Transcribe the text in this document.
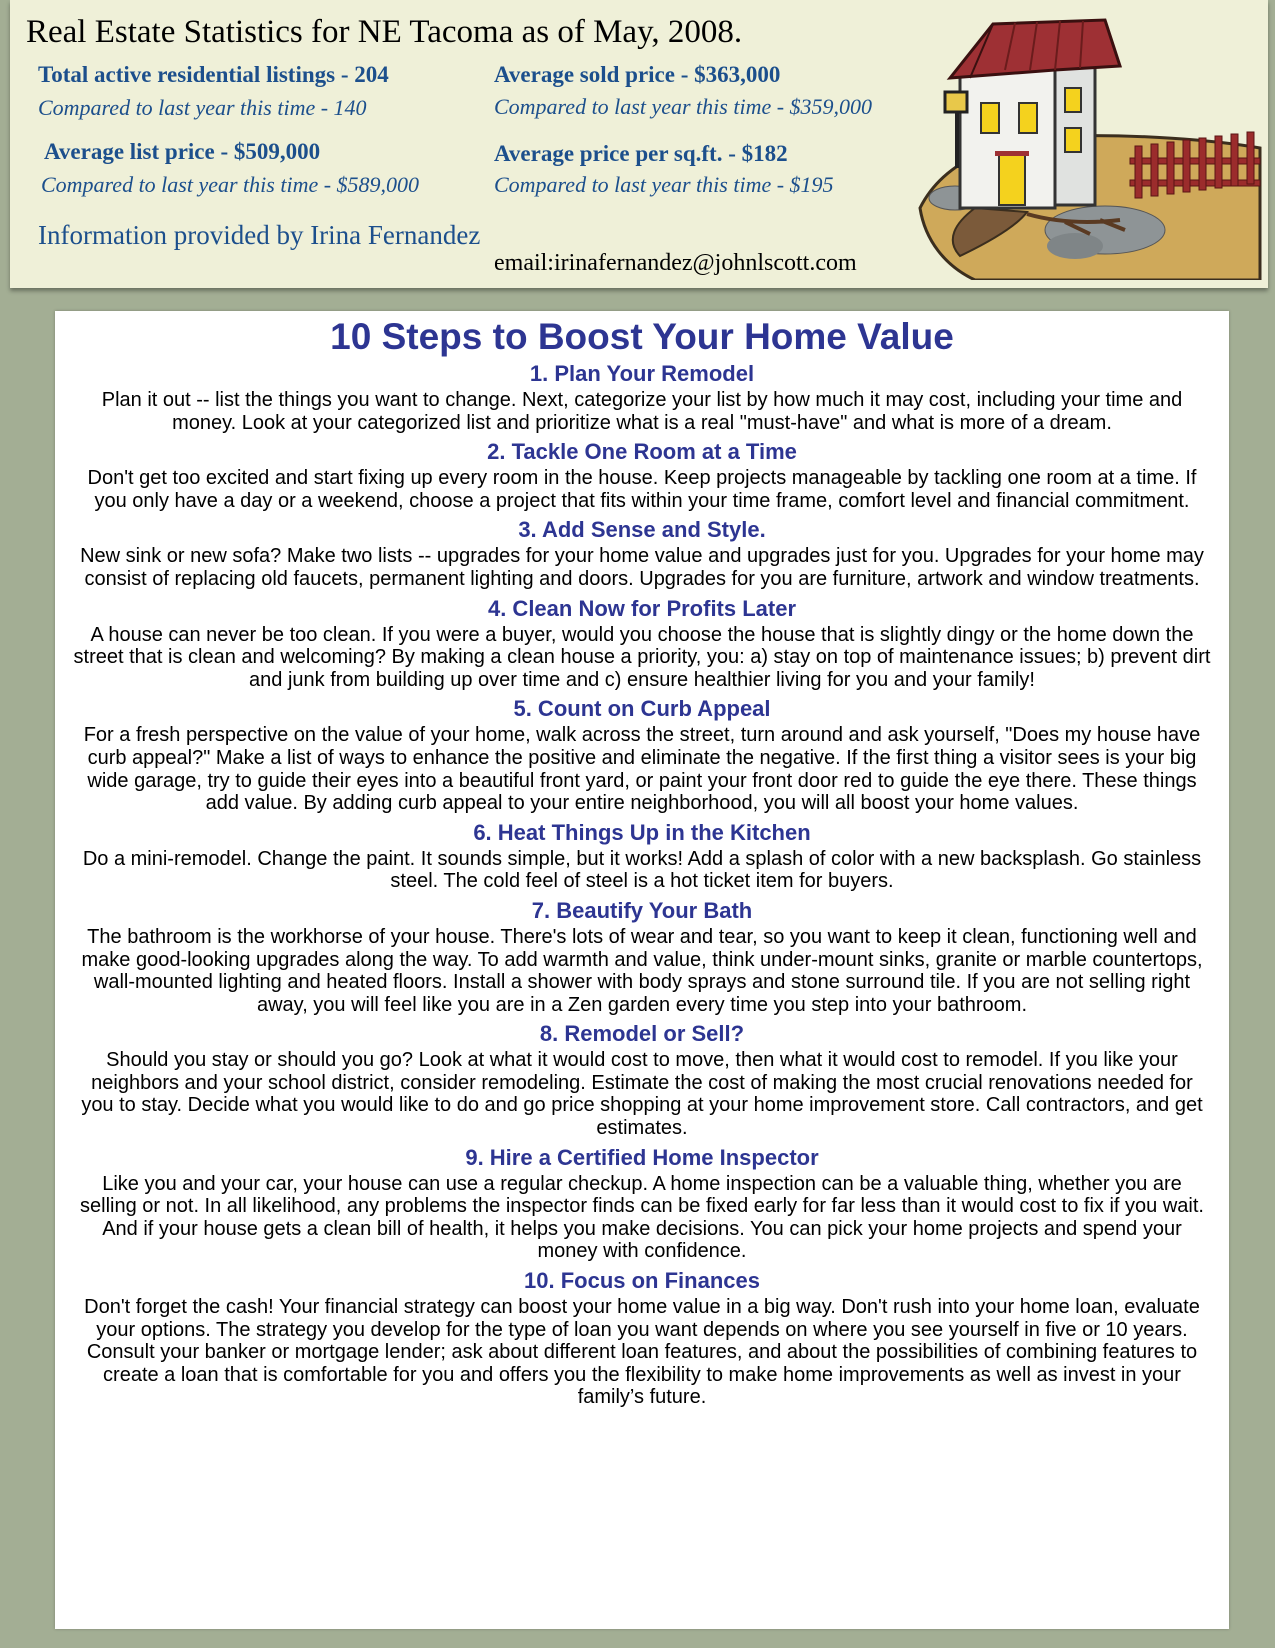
Real Estate Statistics for NE Tacoma as of May, 2008.
Total active residential listings - 204
Compared to last year this time - 140
Average sold price - $363,000
Compared to last year this time - $359,000
Average list price - $509,000
Compared to last year this time - $589,000
Average price per sq.ft. - $182
Compared to last year this time - $195
Information provided by Irina Fernandez
email:irinafernandez@johnlscott.com
10 Steps to Boost Your Home Value
1. Plan Your Remodel
Plan it out -- list the things you want to change. Next, categorize your list by how much it may cost, including your time and money. Look at your categorized list and prioritize what is a real "must-have" and what is more of a dream.
2. Tackle One Room at a Time
Don't get too excited and start fixing up every room in the house. Keep projects manageable by tackling one room at a time. If you only have a day or a weekend, choose a project that fits within your time frame, comfort level and financial commitment.
3. Add Sense and Style.
New sink or new sofa? Make two lists -- upgrades for your home value and upgrades just for you. Upgrades for your home may consist of replacing old faucets, permanent lighting and doors. Upgrades for you are furniture, artwork and window treatments.
4. Clean Now for Profits Later
A house can never be too clean. If you were a buyer, would you choose the house that is slightly dingy or the home down the street that is clean and welcoming? By making a clean house a priority, you: a) stay on top of maintenance issues; b) prevent dirt and junk from building up over time and c) ensure healthier living for you and your family!
5. Count on Curb Appeal
For a fresh perspective on the value of your home, walk across the street, turn around and ask yourself, "Does my house have curb appeal?" Make a list of ways to enhance the positive and eliminate the negative. If the first thing a visitor sees is your big wide garage, try to guide their eyes into a beautiful front yard, or paint your front door red to guide the eye there. These things add value. By adding curb appeal to your entire neighborhood, you will all boost your home values.
6. Heat Things Up in the Kitchen
Do a mini-remodel. Change the paint. It sounds simple, but it works! Add a splash of color with a new backsplash. Go stainless steel. The cold feel of steel is a hot ticket item for buyers.
7. Beautify Your Bath
The bathroom is the workhorse of your house. There's lots of wear and tear, so you want to keep it clean, functioning well and make good-looking upgrades along the way. To add warmth and value, think under-mount sinks, granite or marble countertops, wall-mounted lighting and heated floors. Install a shower with body sprays and stone surround tile. If you are not selling right away, you will feel like you are in a Zen garden every time you step into your bathroom.
8. Remodel or Sell?
Should you stay or should you go? Look at what it would cost to move, then what it would cost to remodel. If you like your neighbors and your school district, consider remodeling. Estimate the cost of making the most crucial renovations needed for you to stay. Decide what you would like to do and go price shopping at your home improvement store. Call contractors, and get estimates.
9. Hire a Certified Home Inspector
Like you and your car, your house can use a regular checkup. A home inspection can be a valuable thing, whether you are selling or not. In all likelihood, any problems the inspector finds can be fixed early for far less than it would cost to fix if you wait. And if your house gets a clean bill of health, it helps you make decisions. You can pick your home projects and spend your money with confidence.
10. Focus on Finances
Don't forget the cash! Your financial strategy can boost your home value in a big way. Don't rush into your home loan, evaluate your options. The strategy you develop for the type of loan you want depends on where you see yourself in five or 10 years. Consult your banker or mortgage lender; ask about different loan features, and about the possibilities of combining features to create a loan that is comfortable for you and offers you the flexibility to make home improvements as well as invest in your family’s future.
